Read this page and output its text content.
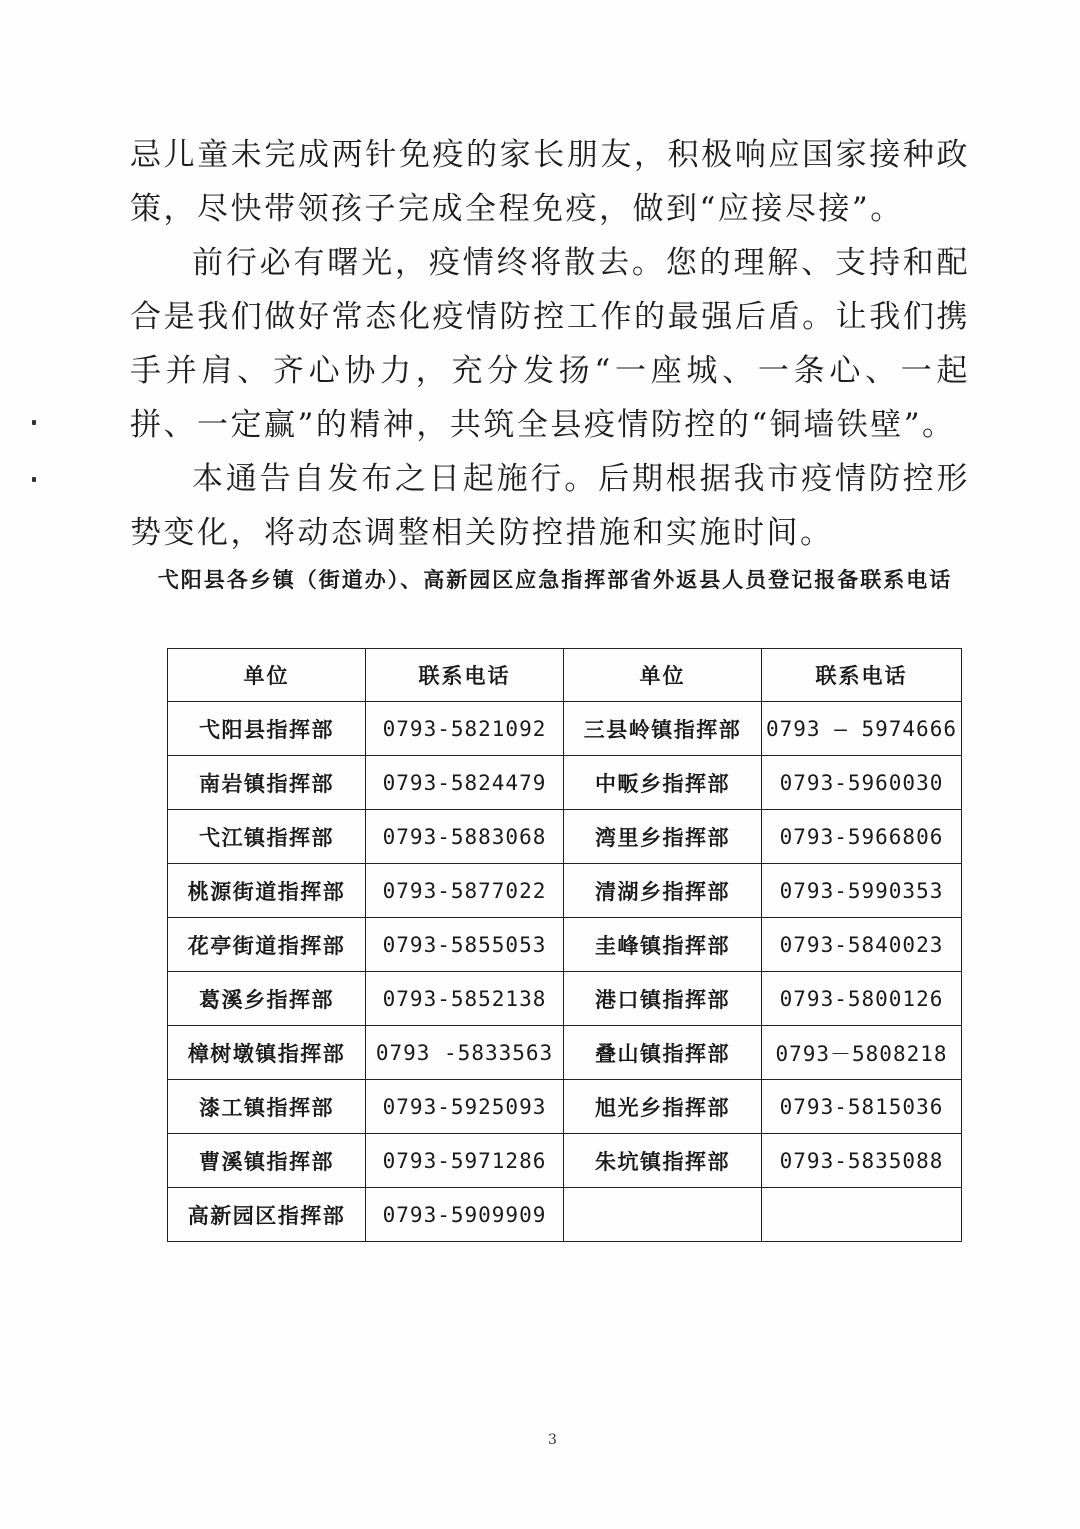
忌儿童未完成两针免疫的家长朋友，积极响应国家接种政策，尽快带领孩子完成全程免疫，做到“应接尽接”。

前行必有曙光，疫情终将散去。您的理解、支持和配合是我们做好常态化疫情防控工作的最强后盾。让我们携手并肩、齐心协力，充分发扬“一座城、一条心、一起拼、一定赢”的精神，共筑全县疫情防控的“铜墙铁壁”。

本通告自发布之日起施行。后期根据我市疫情防控形势变化，将动态调整相关防控措施和实施时间。

弋阳县各乡镇（街道办）、高新园区应急指挥部省外返县人员登记报备联系电话

单位	联系电话	单位	联系电话
弋阳县指挥部	0793-5821092	三县岭镇指挥部	0793 — 5974666
南岩镇指挥部	0793-5824479	中畈乡指挥部	0793-5960030
弋江镇指挥部	0793-5883068	湾里乡指挥部	0793-5966806
桃源街道指挥部	0793-5877022	清湖乡指挥部	0793-5990353
花亭街道指挥部	0793-5855053	圭峰镇指挥部	0793-5840023
葛溪乡指挥部	0793-5852138	港口镇指挥部	0793-5800126
樟树墩镇指挥部	0793 -5833563	叠山镇指挥部	0793－5808218
漆工镇指挥部	0793-5925093	旭光乡指挥部	0793-5815036
曹溪镇指挥部	0793-5971286	朱坑镇指挥部	0793-5835088
高新园区指挥部	0793-5909909		
3
